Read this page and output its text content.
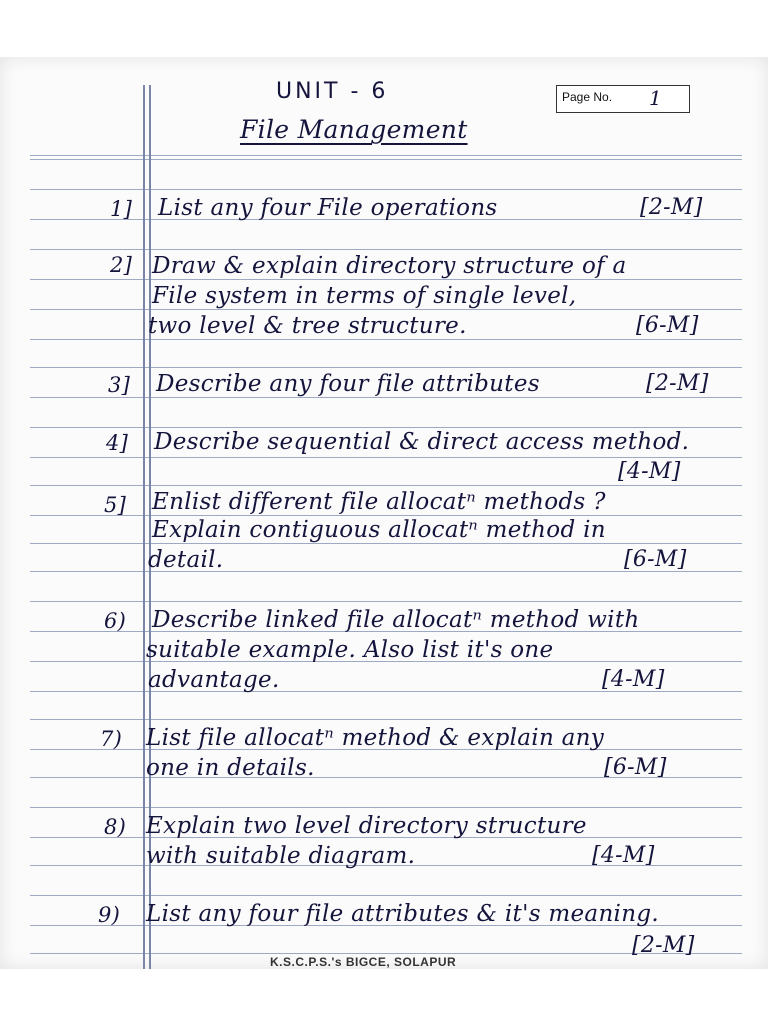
UNIT - 6
File Management
Page No. 1
1] List any four File operations	[2-M]
2] Draw & explain directory structure of a
File system in terms of single level,
two level & tree structure.	[6-M]
3] Describe any four file attributes	[2-M]
4] Describe sequential & direct access method.
[4-M]
5] Enlist different file allocatⁿ methods ?
Explain contiguous allocatⁿ method in
detail.	[6-M]
6) Describe linked file allocatⁿ method with
suitable example. Also list it's one
advantage.	[4-M]
7) List file allocatⁿ method & explain any
one in details.	[6-M]
8) Explain two level directory structure
with suitable diagram.	[4-M]
9) List any four file attributes & it's meaning.
[2-M]
K.S.C.P.S.'s BIGCE, SOLAPUR
